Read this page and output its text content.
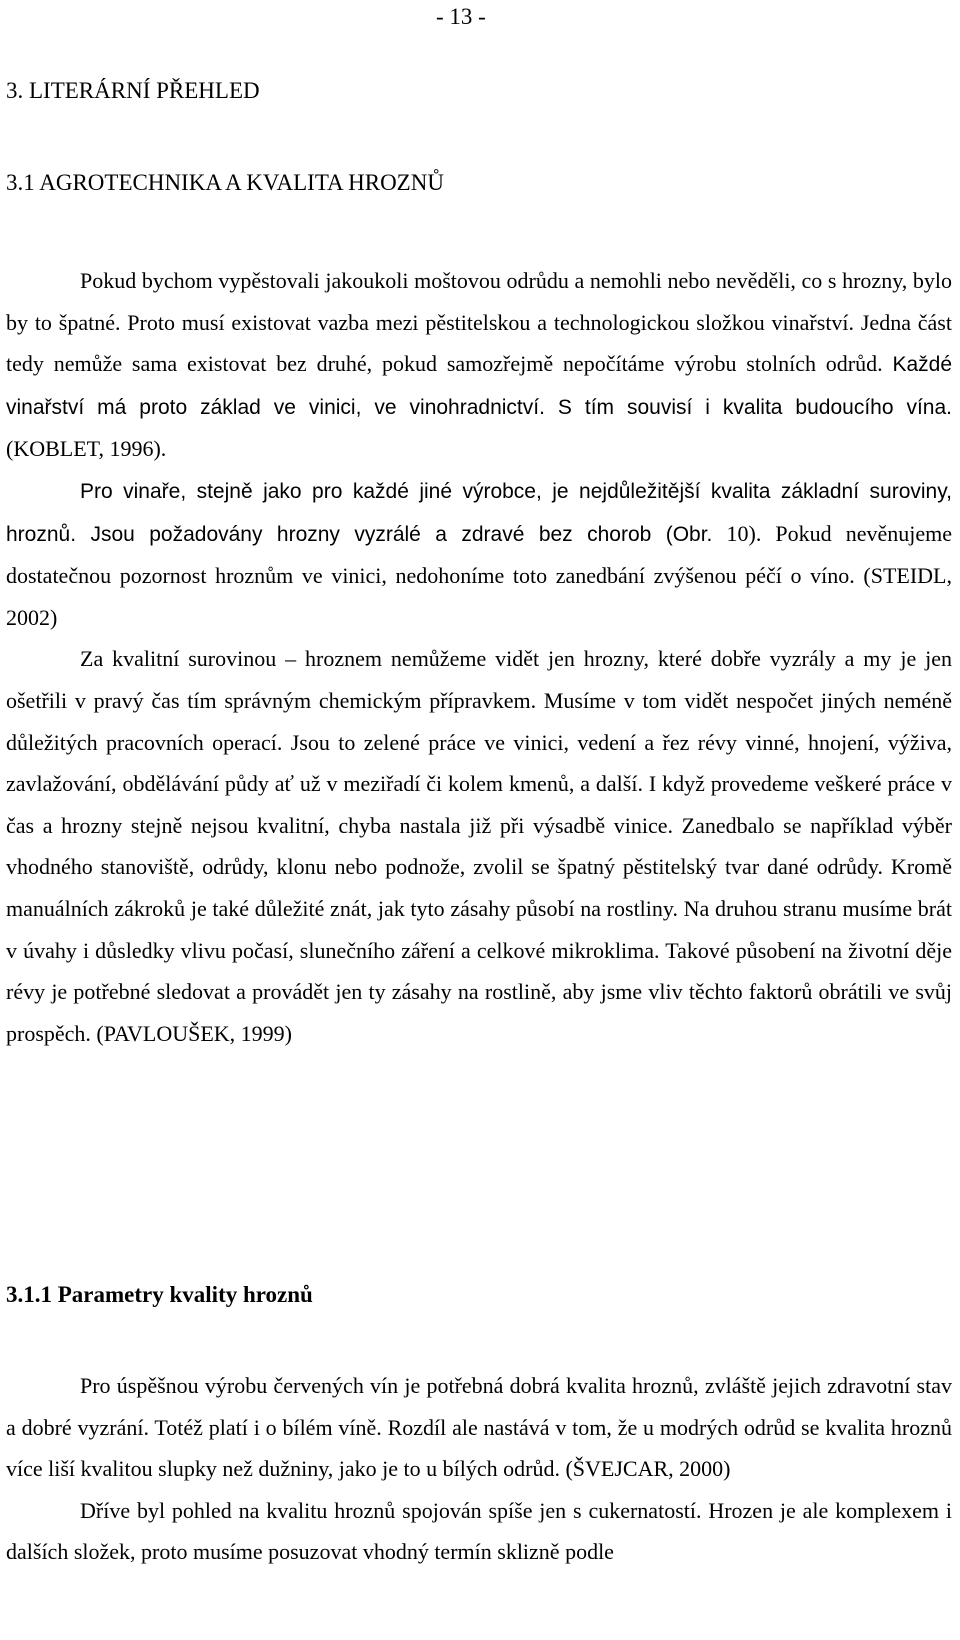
- 13 -
3. LITERÁRNÍ PŘEHLED
3.1 AGROTECHNIKA A KVALITA HROZNŮ
Pokud bychom vypěstovali jakoukoli moštovou odrůdu a nemohli nebo nevěděli, co s hrozny, bylo by to špatné. Proto musí existovat vazba mezi pěstitelskou a technologickou složkou vinařství. Jedna část tedy nemůže sama existovat bez druhé, pokud samozřejmě nepočítáme výrobu stolních odrůd. Každé vinařství má proto základ ve vinici, ve vinohradnictví. S tím souvisí i kvalita budoucího vína. (KOBLET, 1996).
Pro vinaře, stejně jako pro každé jiné výrobce, je nejdůležitější kvalita základní suroviny, hroznů. Jsou požadovány hrozny vyzrálé a zdravé bez chorob (Obr. 10). Pokud nevěnujeme dostatečnou pozornost hroznům ve vinici, nedohoníme toto zanedbání zvýšenou péčí o víno. (STEIDL, 2002)
Za kvalitní surovinou – hroznem nemůžeme vidět jen hrozny, které dobře vyzrály a my je jen ošetřili v pravý čas tím správným chemickým přípravkem. Musíme v tom vidět nespočet jiných neméně důležitých pracovních operací. Jsou to zelené práce ve vinici, vedení a řez révy vinné, hnojení, výživa, zavlažování, obdělávání půdy ať už v meziřadí či kolem kmenů, a další. I když provedeme veškeré práce v čas a hrozny stejně nejsou kvalitní, chyba nastala již při výsadbě vinice. Zanedbalo se například výběr vhodného stanoviště, odrůdy, klonu nebo podnože, zvolil se špatný pěstitelský tvar dané odrůdy. Kromě manuálních zákroků je také důležité znát, jak tyto zásahy působí na rostliny. Na druhou stranu musíme brát v úvahy i důsledky vlivu počasí, slunečního záření a celkové mikroklima. Takové působení na životní děje révy je potřebné sledovat a provádět jen ty zásahy na rostlině, aby jsme vliv těchto faktorů obrátili ve svůj prospěch. (PAVLOUŠEK, 1999)
3.1.1 Parametry kvality hroznů
Pro úspěšnou výrobu červených vín je potřebná dobrá kvalita hroznů, zvláště jejich zdravotní stav a dobré vyzrání. Totéž platí i o bílém víně. Rozdíl ale nastává v tom, že u modrých odrůd se kvalita hroznů více liší kvalitou slupky než dužniny, jako je to u bílých odrůd. (ŠVEJCAR, 2000)
Dříve byl pohled na kvalitu hroznů spojován spíše jen s cukernatostí. Hrozen je ale komplexem i dalších složek, proto musíme posuzovat vhodný termín sklizně podle
